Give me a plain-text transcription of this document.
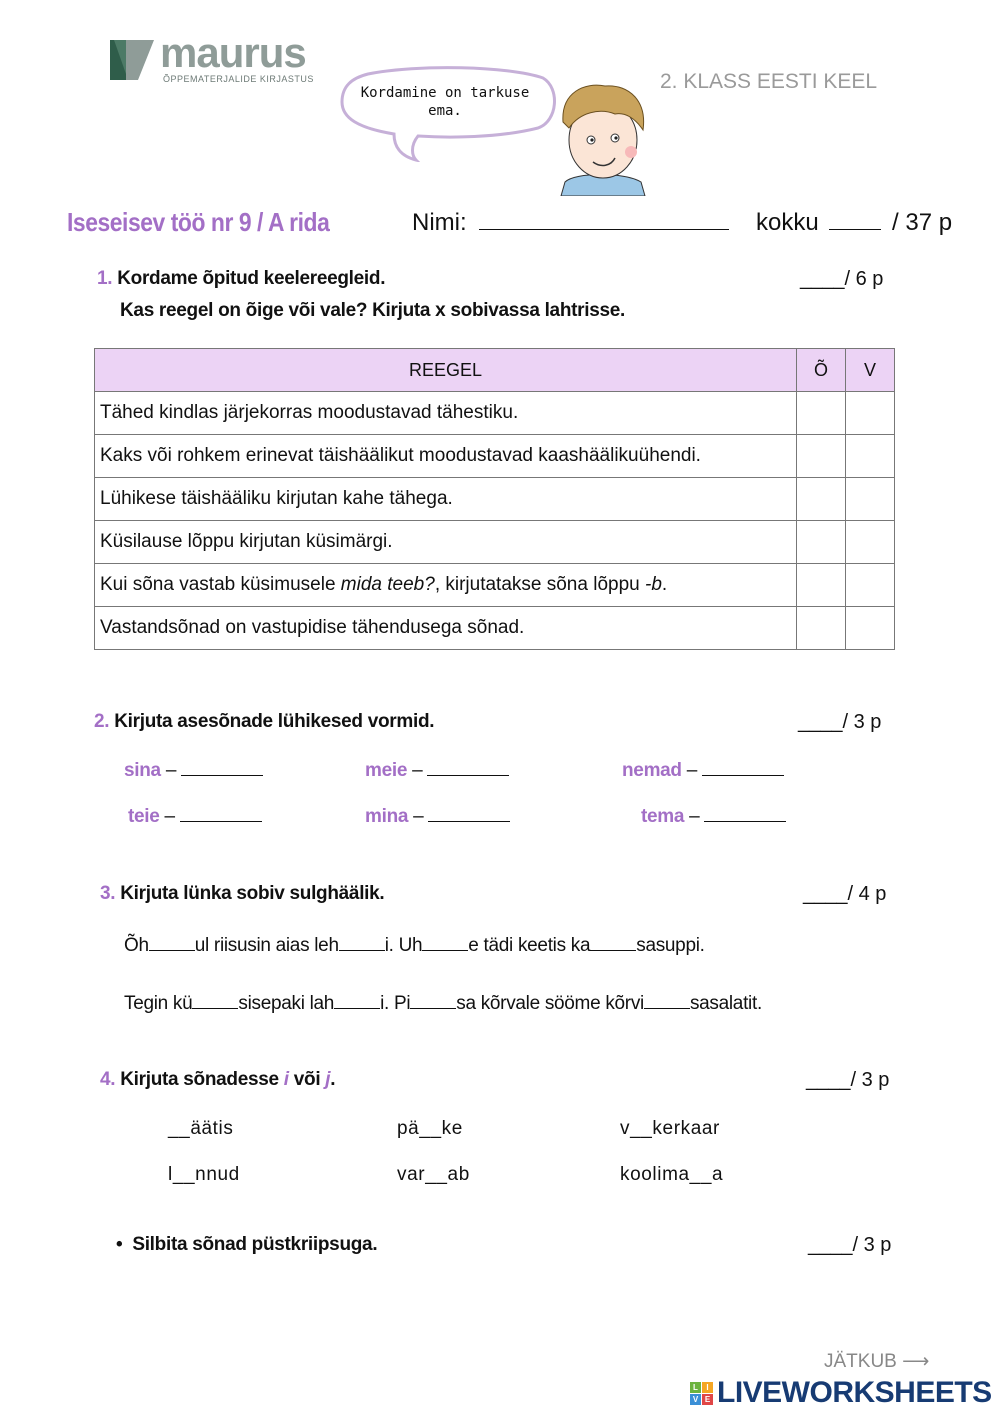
maurus
ÕPPEMATERJALIDE KIRJASTUS
Kordamine on tarkuse ema.
2. KLASS EESTI KEEL
Iseseisev töö nr 9 / A rida	Nimi:	kokku	/ 37 p
1. Kordame õpitud keelereegleid.	____/ 6 p
Kas reegel on õige või vale? Kirjuta x sobivassa lahtrisse.
REEGEL	Õ	V
Tähed kindlas järjekorras moodustavad tähestiku.		
Kaks või rohkem erinevat täishäälikut moodustavad kaashäälikuühendi.		
Lühikese täishääliku kirjutan kahe tähega.		
Küsilause lõppu kirjutan küsimärgi.		
Kui sõna vastab küsimusele mida teeb?, kirjutatakse sõna lõppu -b.		
Vastandsõnad on vastupidise tähendusega sõnad.		
2. Kirjuta asesõnade lühikesed vormid.	____/ 3 p
sina –	meie –	nemad –
teie –	mina –	tema –
3. Kirjuta lünka sobiv sulghäälik.	____/ 4 p
Õh ul riisusin aias leh i. Uh e tädi keetis ka sasuppi.
Tegin kü sisepaki lah i. Pi sa kõrvale sööme kõrvi sasalatit.
4. Kirjuta sõnadesse i või j.	____/ 3 p
__äätis	pä__ke	v__kerkaar
l__nnud	var__ab	koolima__a
• Silbita sõnad püstkriipsuga.	____/ 3 p
JÄTKUB ⟶
L	I
V E LIVEWORKSHEETS
